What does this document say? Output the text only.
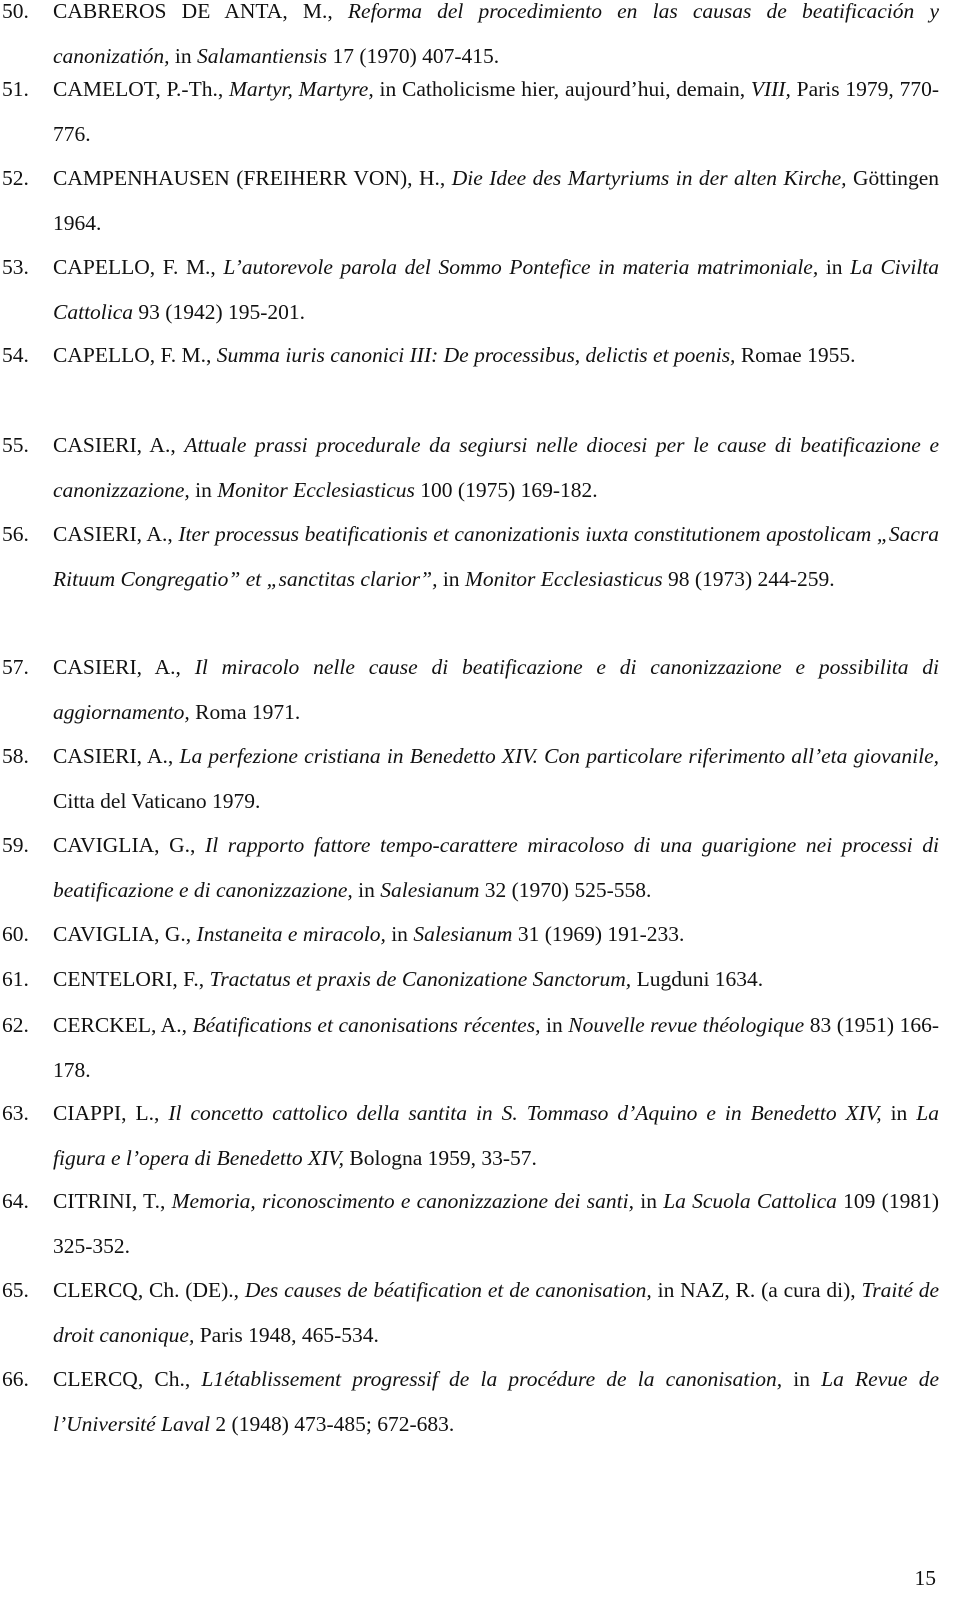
50. CABREROS DE ANTA, M., Reforma del procedimiento en las causas de beatificación y canonizatión, in Salamantiensis 17 (1970) 407-415.
51. CAMELOT, P.-Th., Martyr, Martyre, in Catholicisme hier, aujourd’hui, demain, VIII, Paris 1979, 770-776.
52. CAMPENHAUSEN (FREIHERR VON), H., Die Idee des Martyriums in der alten Kirche, Göttingen 1964.
53. CAPELLO, F. M., L’autorevole parola del Sommo Pontefice in materia matrimoniale, in La Civilta Cattolica 93 (1942) 195-201.
54. CAPELLO, F. M., Summa iuris canonici III: De processibus, delictis et poenis, Romae 1955.
55. CASIERI, A., Attuale prassi procedurale da segiursi nelle diocesi per le cause di beatificazione e canonizzazione, in Monitor Ecclesiasticus 100 (1975) 169-182.
56. CASIERI, A., Iter processus beatificationis et canonizationis iuxta constitutionem apostolicam „Sacra Rituum Congregatio” et „sanctitas clarior”, in Monitor Ecclesiasticus 98 (1973) 244-259.
57. CASIERI, A., Il miracolo nelle cause di beatificazione e di canonizzazione e possibilita di aggiornamento, Roma 1971.
58. CASIERI, A., La perfezione cristiana in Benedetto XIV. Con particolare riferimento all’eta giovanile, Citta del Vaticano 1979.
59. CAVIGLIA, G., Il rapporto fattore tempo-carattere miracoloso di una guarigione nei processi di beatificazione e di canonizzazione, in Salesianum 32 (1970) 525-558.
60. CAVIGLIA, G., Instaneita e miracolo, in Salesianum 31 (1969) 191-233.
61. CENTELORI, F., Tractatus et praxis de Canonizatione Sanctorum, Lugduni 1634.
62. CERCKEL, A., Béatifications et canonisations récentes, in Nouvelle revue théologique 83 (1951) 166-178.
63. CIAPPI, L., Il concetto cattolico della santita in S. Tommaso d’Aquino e in Benedetto XIV, in La figura e l’opera di Benedetto XIV, Bologna 1959, 33-57.
64. CITRINI, T., Memoria, riconoscimento e canonizzazione dei santi, in La Scuola Cattolica 109 (1981) 325-352.
65. CLERCQ, Ch. (DE)., Des causes de béatification et de canonisation, in NAZ, R. (a cura di), Traité de droit canonique, Paris 1948, 465-534.
66. CLERCQ, Ch., L1établissement progressif de la procédure de la canonisation, in La Revue de l’Université Laval 2 (1948) 473-485; 672-683.
15
